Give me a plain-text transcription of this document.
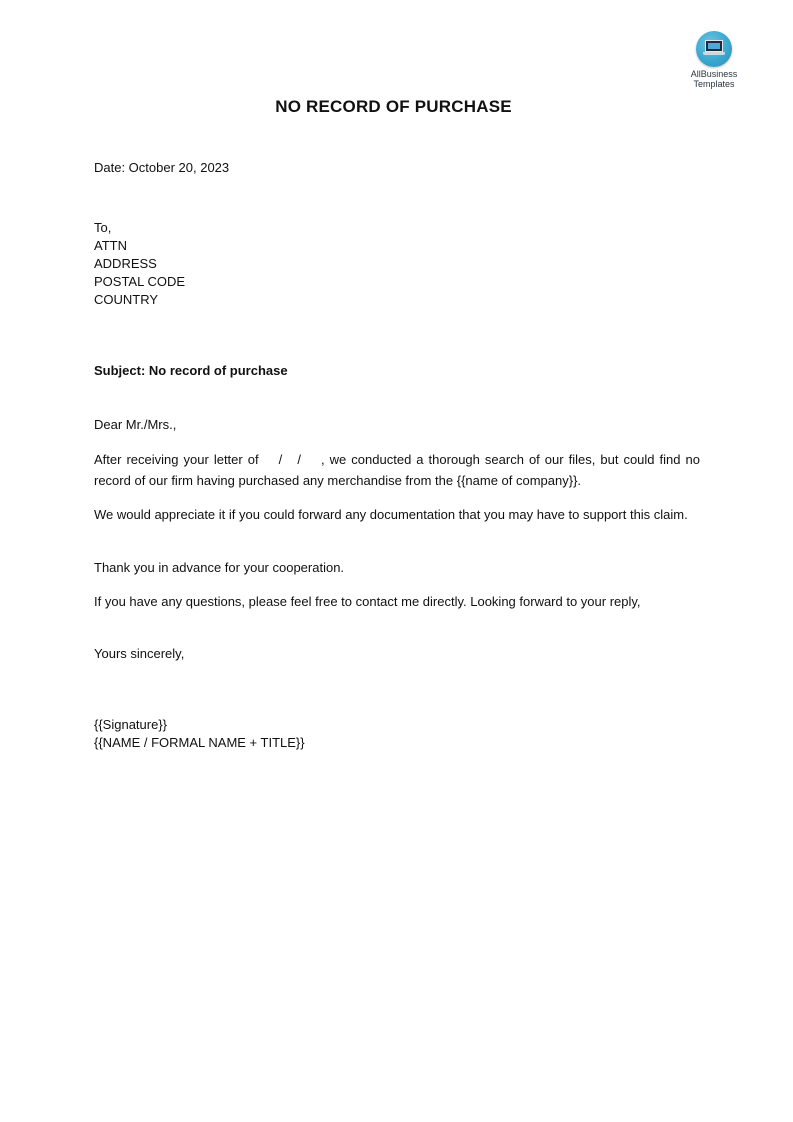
AllBusiness
Templates
NO RECORD OF PURCHASE
Date: October 20, 2023
To,
ATTN
ADDRESS
POSTAL CODE
COUNTRY
Subject: No record of purchase
Dear Mr./Mrs.,
After receiving your letter of    /   /    , we conducted a thorough search of our files, but could find no record of our firm having purchased any merchandise from the {{name of company}}.
We would appreciate it if you could forward any documentation that you may have to support this claim.
Thank you in advance for your cooperation.
If you have any questions, please feel free to contact me directly. Looking forward to your reply,
Yours sincerely,
{{Signature}}
{{NAME / FORMAL NAME + TITLE}}
